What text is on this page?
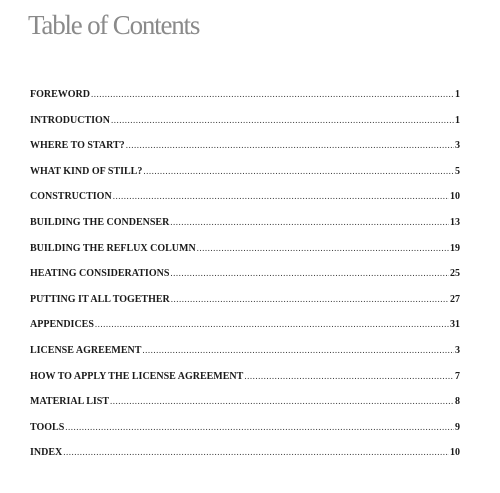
Table of Contents
FOREWORD .....	1
INTRODUCTION .....	1
WHERE TO START? .....	3
WHAT KIND OF STILL? .....	5
CONSTRUCTION .....	10
BUILDING THE CONDENSER .....	13
BUILDING THE REFLUX COLUMN .....	19
HEATING CONSIDERATIONS .....	25
PUTTING IT ALL TOGETHER .....	27
APPENDICES .....	31
LICENSE AGREEMENT .....	3
HOW TO APPLY THE LICENSE AGREEMENT .....	7
MATERIAL LIST .....	8
TOOLS .....	9
INDEX .....	10
